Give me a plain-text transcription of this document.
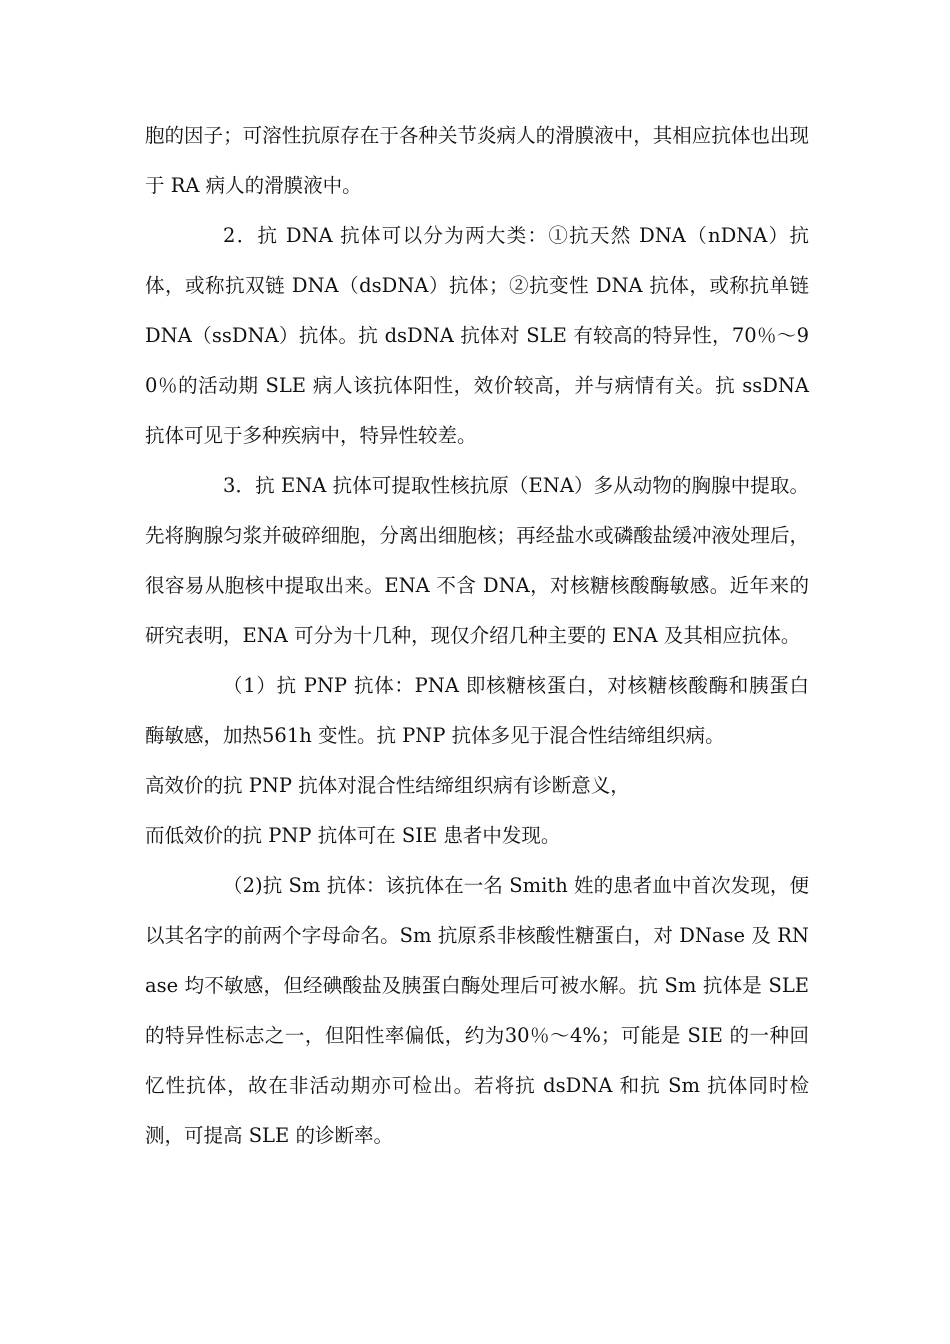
胞的因子；可溶性抗原存在于各种关节炎病人的滑膜液中，其相应抗体也出现于 RA 病人的滑膜液中。

2．抗 DNA 抗体可以分为两大类：①抗天然 DNA（nDNA）抗体，或称抗双链 DNA（dsDNA）抗体；②抗变性 DNA 抗体，或称抗单链 DNA（ssDNA）抗体。抗 dsDNA 抗体对 SLE 有较高的特异性，70％～90％的活动期 SLE 病人该抗体阳性，效价较高，并与病情有关。抗 ssDNA 抗体可见于多种疾病中，特异性较差。

3．抗 ENA 抗体可提取性核抗原（ENA）多从动物的胸腺中提取。先将胸腺匀浆并破碎细胞，分离出细胞核；再经盐水或磷酸盐缓冲液处理后，很容易从胞核中提取出来。ENA 不含 DNA，对核糖核酸酶敏感。近年来的研究表明，ENA 可分为十几种，现仅介绍几种主要的 ENA 及其相应抗体。

（1）抗 PNP 抗体：PNA 即核糖核蛋白，对核糖核酸酶和胰蛋白酶敏感，加热561h 变性。抗 PNP 抗体多见于混合性结缔组织病。

高效价的抗 PNP 抗体对混合性结缔组织病有诊断意义，

而低效价的抗 PNP 抗体可在 SIE 患者中发现。

（2)抗 Sm 抗体：该抗体在一名 Smith 姓的患者血中首次发现，便以其名字的前两个字母命名。Sm 抗原系非核酸性糖蛋白，对 DNase 及 RNase 均不敏感，但经碘酸盐及胰蛋白酶处理后可被水解。抗 Sm 抗体是 SLE 的特异性标志之一，但阳性率偏低，约为30％～4%；可能是 SIE 的一种回忆性抗体，故在非活动期亦可检出。若将抗 dsDNA 和抗 Sm 抗体同时检测，可提高 SLE 的诊断率。
